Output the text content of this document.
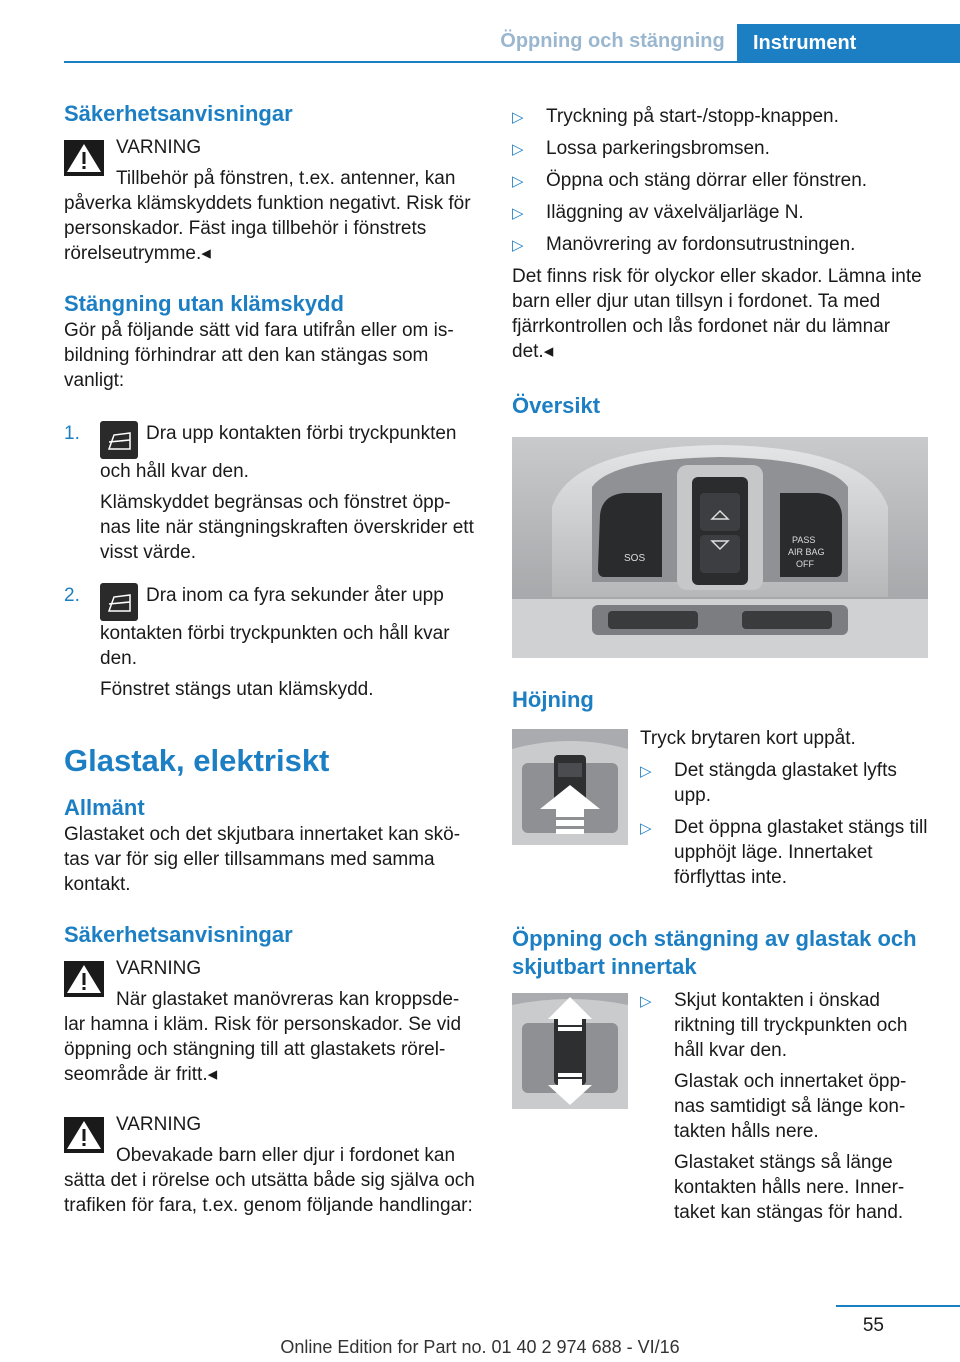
Öppning och stängning	Instrument
Säkerhetsanvisningar
VARNING
Tillbehör på fönstren, t.ex. antenner, kan påverka klämskyddets funktion negativt. Risk för personskador. Fäst inga tillbehör i fönstrets rörelseutrymme.◂
Stängning utan klämskydd
Gör på följande sätt vid fara utifrån eller om is-bildning förhindrar att den kan stängas som vanligt:
1.	Dra upp kontakten förbi tryckpunkten och håll kvar den.
Klämskyddet begränsas och fönstret öpp-nas lite när stängningskraften överskrider ett visst värde.
2.	Dra inom ca fyra sekunder åter upp kontakten förbi tryckpunkten och håll kvar den.
Fönstret stängs utan klämskydd.
Glastak, elektriskt
Allmänt
Glastaket och det skjutbara innertaket kan skö-tas var för sig eller tillsammans med samma kontakt.
Säkerhetsanvisningar
VARNING
När glastaket manövreras kan kroppsde-lar hamna i kläm. Risk för personskador. Se vid öppning och stängning till att glastakets rörel-seområde är fritt.◂
VARNING
Obevakade barn eller djur i fordonet kan sätta det i rörelse och utsätta både sig själva och trafiken för fara, t.ex. genom följande handlingar:
▷ Tryckning på start-/stopp-knappen.
▷ Lossa parkeringsbromsen.
▷ Öppna och stäng dörrar eller fönstren.
▷ Iläggning av växelväljarläge N.
▷ Manövrering av fordonsutrustningen.
Det finns risk för olyckor eller skador. Lämna inte barn eller djur utan tillsyn i fordonet. Ta med fjärrkontrollen och lås fordonet när du lämnar det.◂
Översikt
SOS
PASS
AIR BAG
OFF
Höjning
Tryck brytaren kort uppåt.
▷ Det stängda glastaket lyfts upp.
▷ Det öppna glastaket stängs till upphöjt läge. Innertaket förflyttas inte.
Öppning och stängning av glastak och skjutbart innertak
▷ Skjut kontakten i önskad riktning till tryckpunkten och håll kvar den.
Glastak och innertaket öpp-nas samtidigt så länge kon-takten hålls nere.
Glastaket stängs så länge kontakten hålls nere. Inner-taket kan stängas för hand.
55
Online Edition for Part no. 01 40 2 974 688 - VI/16
